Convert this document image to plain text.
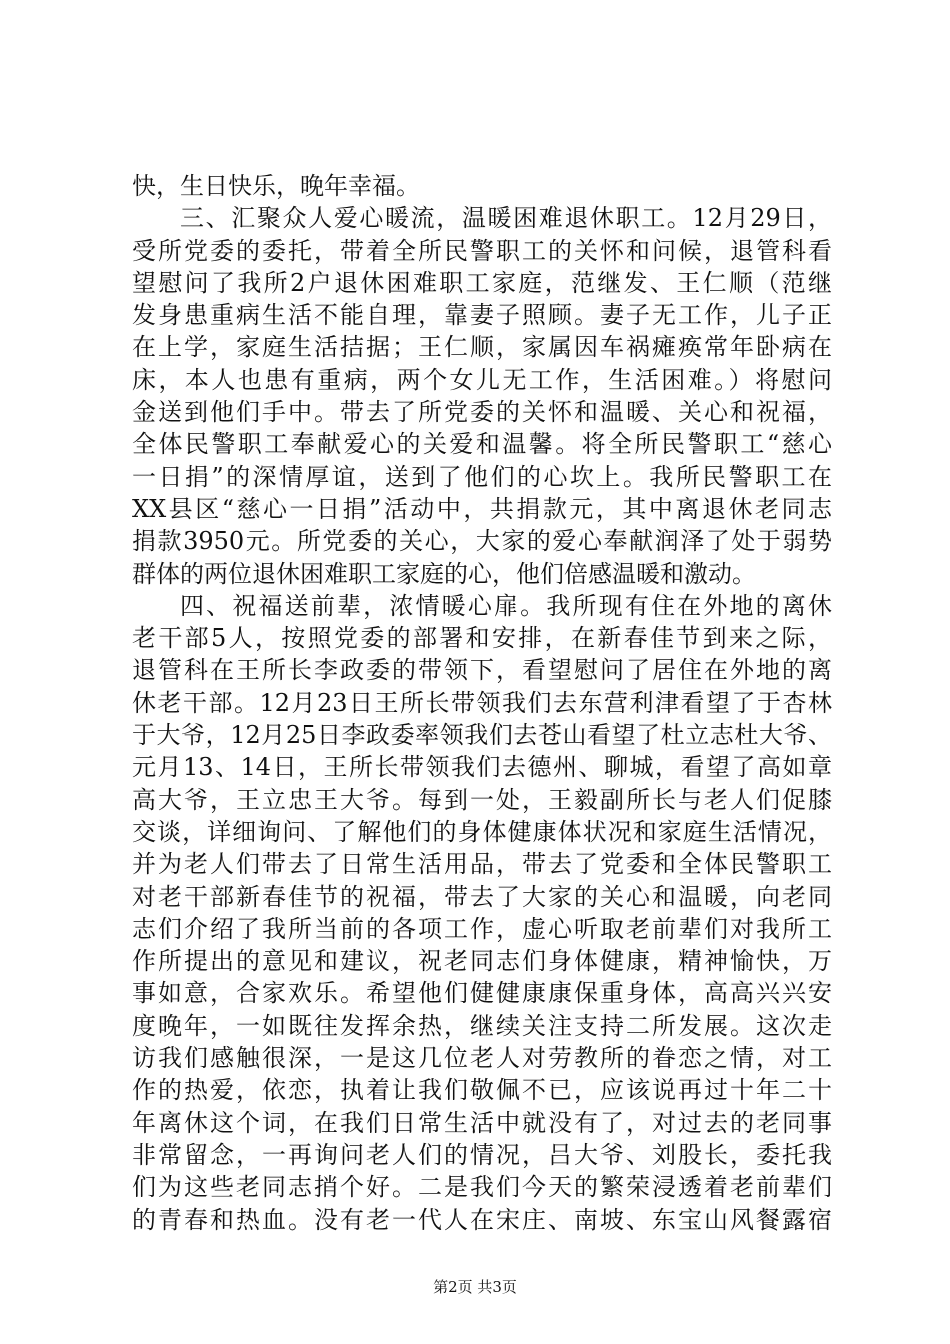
快，生日快乐，晚年幸福。
三、汇聚众人爱心暖流，温暖困难退休职工。12月29日，
受所党委的委托，带着全所民警职工的关怀和问候，退管科看
望慰问了我所2户退休困难职工家庭，范继发、王仁顺（范继
发身患重病生活不能自理，靠妻子照顾。妻子无工作，儿子正
在上学，家庭生活拮据；王仁顺，家属因车祸瘫痪常年卧病在
床，本人也患有重病，两个女儿无工作，生活困难。）将慰问
金送到他们手中。带去了所党委的关怀和温暖、关心和祝福，
全体民警职工奉献爱心的关爱和温馨。将全所民警职工“慈心
一日捐”的深情厚谊，送到了他们的心坎上。我所民警职工在
XX县区“慈心一日捐”活动中，共捐款元，其中离退休老同志
捐款3950元。所党委的关心，大家的爱心奉献润泽了处于弱势
群体的两位退休困难职工家庭的心，他们倍感温暖和激动。
四、祝福送前辈，浓情暖心扉。我所现有住在外地的离休
老干部5人，按照党委的部署和安排，在新春佳节到来之际，
退管科在王所长李政委的带领下，看望慰问了居住在外地的离
休老干部。12月23日王所长带领我们去东营利津看望了于杏林
于大爷，12月25日李政委率领我们去苍山看望了杜立志杜大爷、
元月13、14日，王所长带领我们去德州、聊城，看望了高如章
高大爷，王立忠王大爷。每到一处，王毅副所长与老人们促膝
交谈，详细询问、了解他们的身体健康体状况和家庭生活情况，
并为老人们带去了日常生活用品，带去了党委和全体民警职工
对老干部新春佳节的祝福，带去了大家的关心和温暖，向老同
志们介绍了我所当前的各项工作，虚心听取老前辈们对我所工
作所提出的意见和建议，祝老同志们身体健康，精神愉快，万
事如意，合家欢乐。希望他们健健康康保重身体，高高兴兴安
度晚年，一如既往发挥余热，继续关注支持二所发展。这次走
访我们感触很深，一是这几位老人对劳教所的眷恋之情，对工
作的热爱，依恋，执着让我们敬佩不已，应该说再过十年二十
年离休这个词，在我们日常生活中就没有了，对过去的老同事
非常留念，一再询问老人们的情况，吕大爷、刘股长，委托我
们为这些老同志捎个好。二是我们今天的繁荣浸透着老前辈们
的青春和热血。没有老一代人在宋庄、南坡、东宝山风餐露宿
第2页 共3页
